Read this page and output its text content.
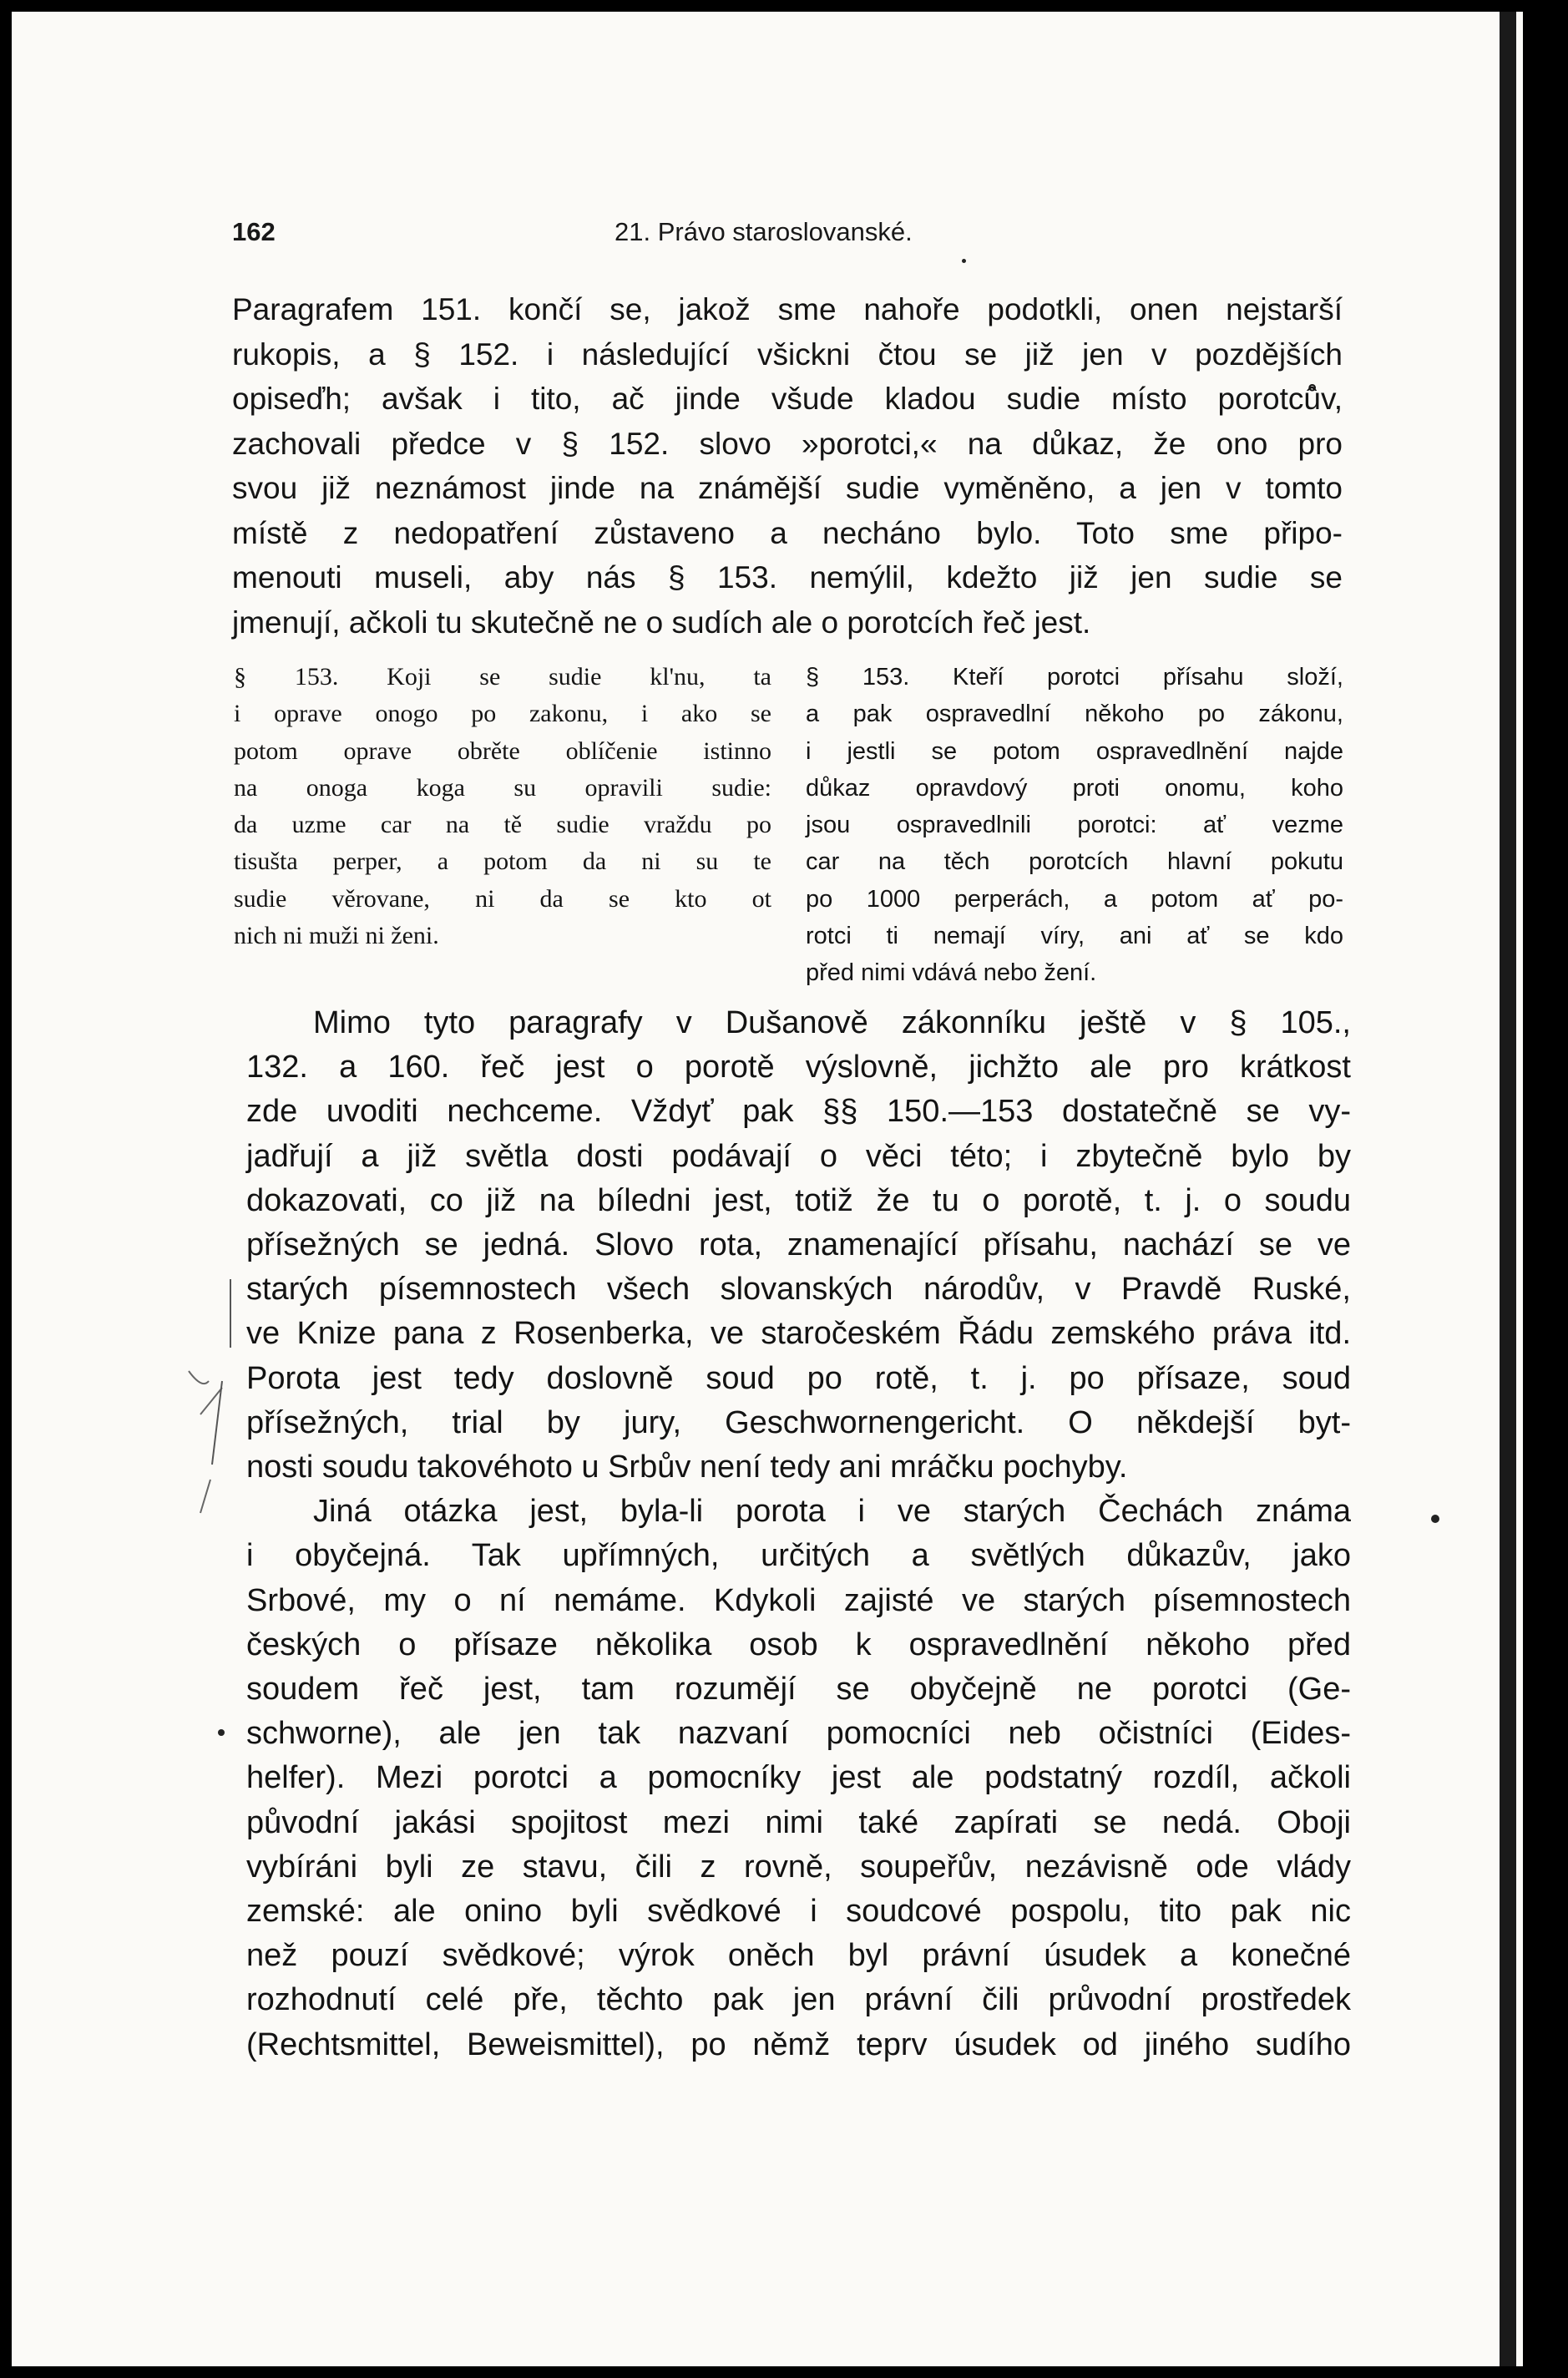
162	21. Právo staroslovanské.
Paragrafem 151. končí se, jakož sme nahoře podotkli, onen nejstarší
rukopis, a § 152. i následující všickni čtou se již jen v pozdějších
opiseďh; avšak i tito, ač jinde všude kladou sudie místo porotců̂v,
zachovali předce v § 152. slovo »porotci,« na důkaz, že ono pro
svou již neznámost jinde na známější sudie vyměněno, a jen v tomto
místě z nedopatření zůstaveno a necháno bylo. Toto sme připo-
menouti museli, aby nás § 153. nemýlil, kdežto již jen sudie se
jmenují, ačkoli tu skutečně ne o sudích ale o porotcích řeč jest.
§ 153. Koji se sudie kl'nu, ta
i oprave onogo po zakonu, i ako se
potom oprave obrěte oblíčenie istinno
na onoga koga su opravili sudie:
da uzme car na tě sudie vraždu po
tisušta perper, a potom da ni su te
sudie věrovane, ni da se kto ot
nich ni muži ni ženi.
§ 153. Kteří porotci přísahu složí,
a pak ospravedlní někoho po zákonu,
i jestli se potom ospravedlnění najde
důkaz opravdový proti onomu, koho
jsou ospravedlnili porotci: ať vezme
car na těch porotcích hlavní pokutu
po 1000 perperách, a potom ať po-
rotci ti nemají víry, ani ať se kdo
před nimi vdává nebo žení.
Mimo tyto paragrafy v Dušanově zákonníku ještě v § 105.,
132. a 160. řeč jest o porotě výslovně, jichžto ale pro krátkost
zde uvoditi nechceme. Vždyť pak §§ 150.—153 dostatečně se vy-
jadřují a již světla dosti podávají o věci této; i zbytečně bylo by
dokazovati, co již na bíledni jest, totiž že tu o porotě, t. j. o soudu
přísežných se jedná. Slovo rota, znamenající přísahu, nachází se ve
starých písemnostech všech slovanských národův, v Pravdě Ruské,
ve Knize pana z Rosenberka, ve staročeském Řádu zemského práva itd.
Porota jest tedy doslovně soud po rotě, t. j. po přísaze, soud
přísežných, trial by jury, Geschwornengericht. O někdejší byt-
nosti soudu takovéhoto u Srbův není tedy ani mráčku pochyby.
Jiná otázka jest, byla-li porota i ve starých Čechách známa
i obyčejná. Tak upřímných, určitých a světlých důkazův, jako
Srbové, my o ní nemáme. Kdykoli zajisté ve starých písemnostech
českých o přísaze několika osob k ospravedlnění někoho před
soudem řeč jest, tam rozumějí se obyčejně ne porotci (Ge-
schworne), ale jen tak nazvaní pomocníci neb očistníci (Eides-
helfer). Mezi porotci a pomocníky jest ale podstatný rozdíl, ačkoli
původní jakási spojitost mezi nimi také zapírati se nedá. Oboji
vybíráni byli ze stavu, čili z rovně, soupeřův, nezávisně ode vlády
zemské: ale onino byli svědkové i soudcové pospolu, tito pak nic
než pouzí svědkové; výrok oněch byl právní úsudek a konečné
rozhodnutí celé pře, těchto pak jen právní čili průvodní prostředek
(Rechtsmittel, Beweismittel), po němž teprv úsudek od jiného sudího
